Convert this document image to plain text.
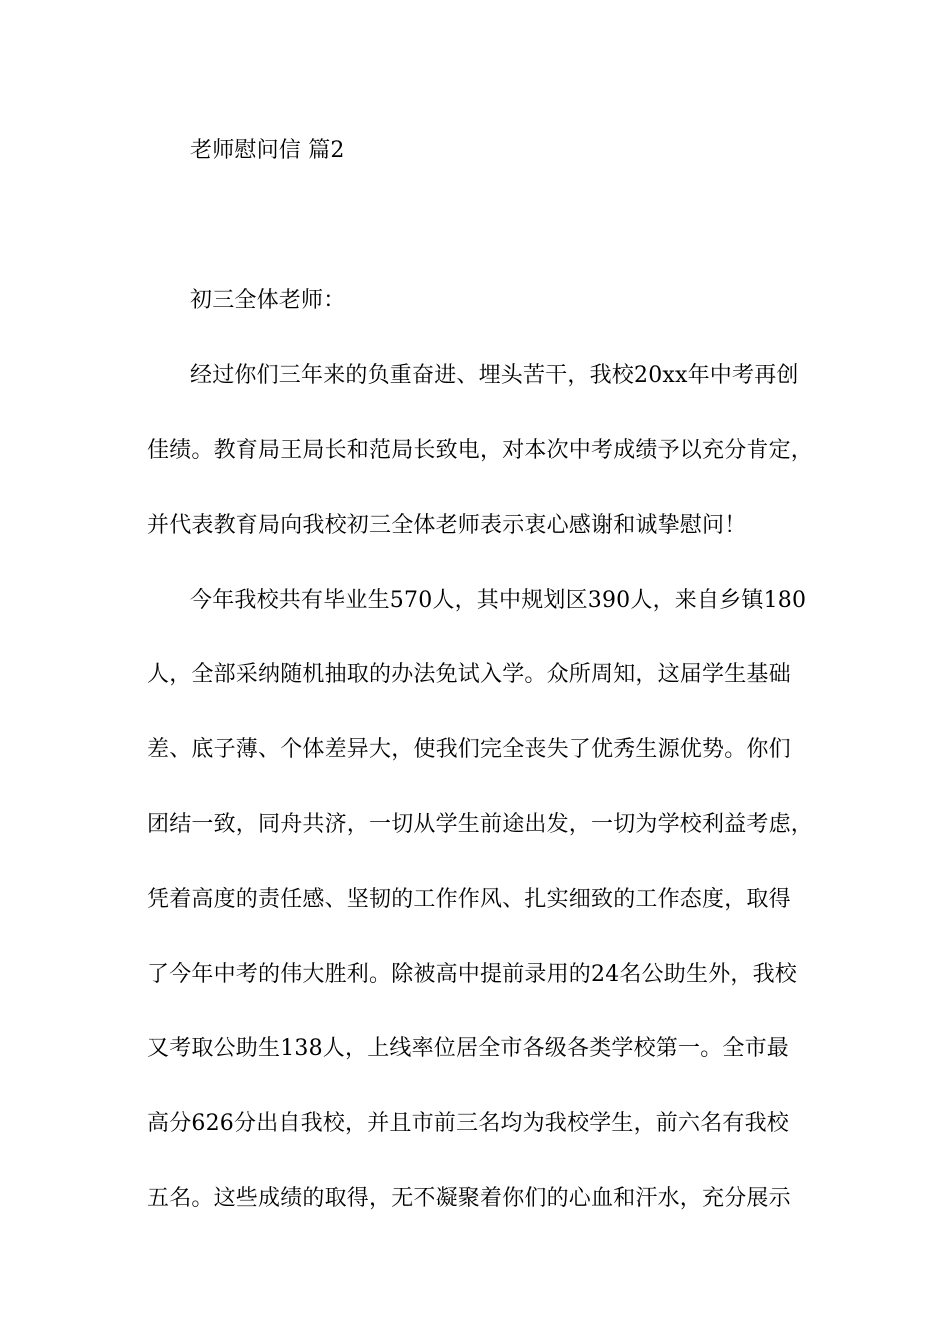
老师慰问信 篇2
初三全体老师：
经过你们三年来的负重奋进、埋头苦干，我校20xx年中考再创
佳绩。教育局王局长和范局长致电，对本次中考成绩予以充分肯定，
并代表教育局向我校初三全体老师表示衷心感谢和诚挚慰问！
今年我校共有毕业生570人，其中规划区390人，来自乡镇180
人，全部采纳随机抽取的办法免试入学。众所周知，这届学生基础
差、底子薄、个体差异大，使我们完全丧失了优秀生源优势。你们
团结一致，同舟共济，一切从学生前途出发，一切为学校利益考虑，
凭着高度的责任感、坚韧的工作作风、扎实细致的工作态度，取得
了今年中考的伟大胜利。除被高中提前录用的24名公助生外，我校
又考取公助生138人，上线率位居全市各级各类学校第一。全市最
高分626分出自我校，并且市前三名均为我校学生，前六名有我校
五名。这些成绩的取得，无不凝聚着你们的心血和汗水，充分展示
